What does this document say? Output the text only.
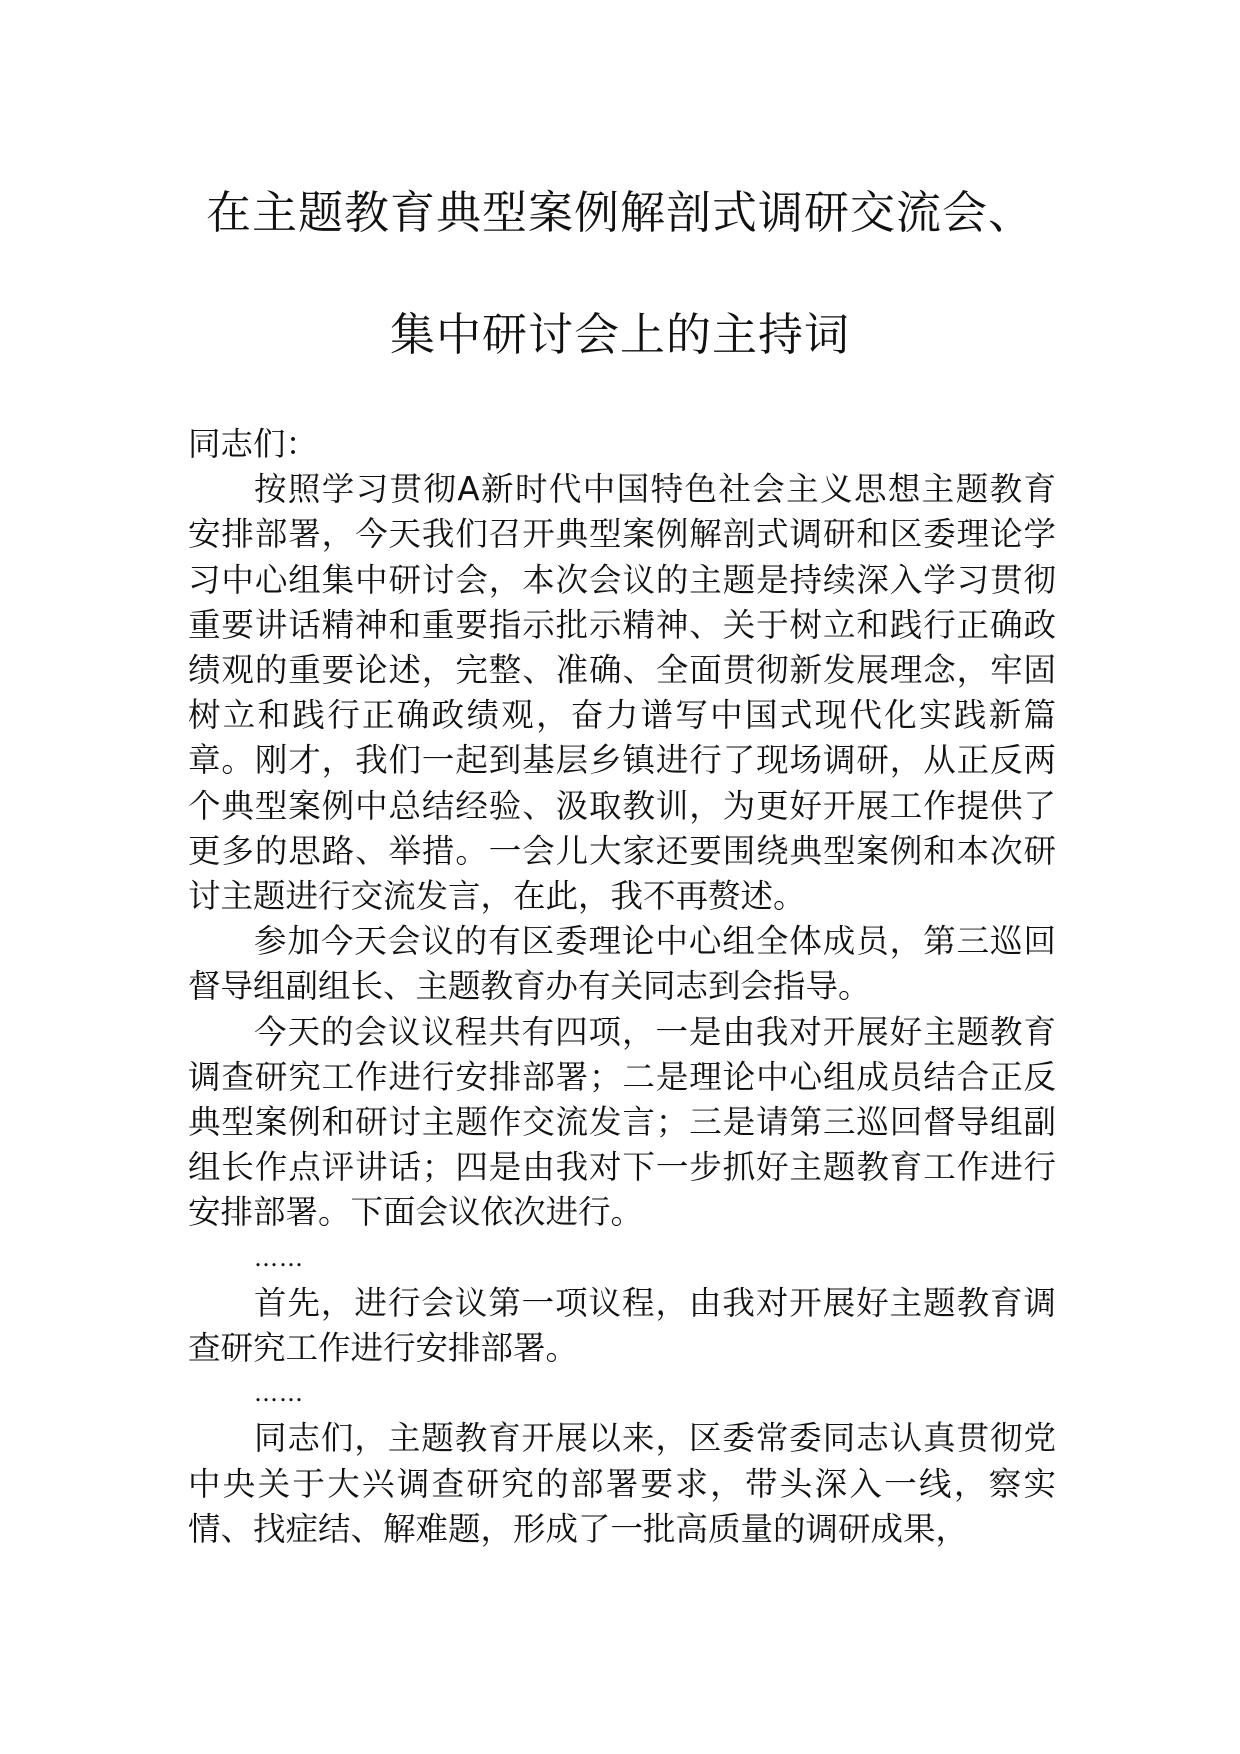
在主题教育典型案例解剖式调研交流会、
集中研讨会上的主持词

同志们：

按照学习贯彻A新时代中国特色社会主义思想主题教育安排部署，今天我们召开典型案例解剖式调研和区委理论学习中心组集中研讨会，本次会议的主题是持续深入学习贯彻重要讲话精神和重要指示批示精神、关于树立和践行正确政绩观的重要论述，完整、准确、全面贯彻新发展理念，牢固树立和践行正确政绩观，奋力谱写中国式现代化实践新篇章。刚才，我们一起到基层乡镇进行了现场调研，从正反两个典型案例中总结经验、汲取教训，为更好开展工作提供了更多的思路、举措。一会儿大家还要围绕典型案例和本次研讨主题进行交流发言，在此，我不再赘述。

参加今天会议的有区委理论中心组全体成员，第三巡回督导组副组长、主题教育办有关同志到会指导。

今天的会议议程共有四项，一是由我对开展好主题教育调查研究工作进行安排部署；二是理论中心组成员结合正反典型案例和研讨主题作交流发言；三是请第三巡回督导组副组长作点评讲话；四是由我对下一步抓好主题教育工作进行安排部署。下面会议依次进行。

……

首先，进行会议第一项议程，由我对开展好主题教育调查研究工作进行安排部署。

……

同志们，主题教育开展以来，区委常委同志认真贯彻党中央关于大兴调查研究的部署要求，带头深入一线，察实情、找症结、解难题，形成了一批高质量的调研成果，
